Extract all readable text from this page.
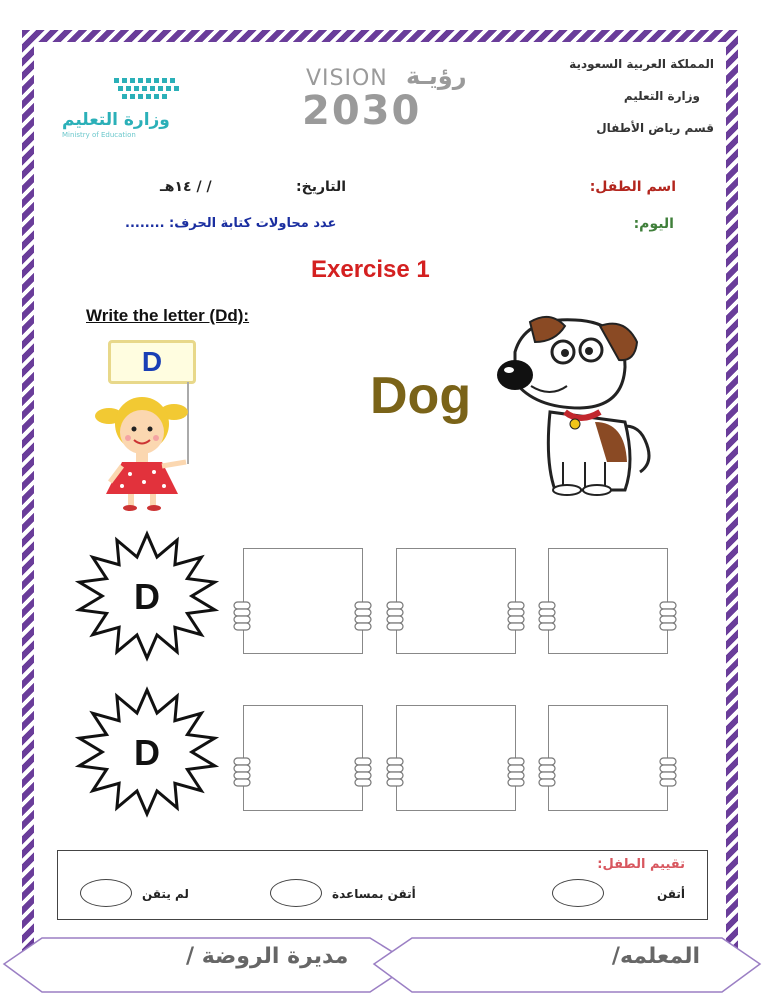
المملكة العربية السعودية
وزارة التعليم
قسم رياض الأطفال
وزارة التعليم
Ministry of Education
VISION رؤيـة
2030
اسم الطفل:
التاريخ:
/ / ١٤هـ
اليوم:
عدد محاولات كتابة الحرف: ........
Exercise 1
Write the letter (Dd):
D
Dog
D
D
تقييم الطفل:
أتقن
أتقن بمساعدة
لم يتقن
المعلمه/
مديرة الروضة /
